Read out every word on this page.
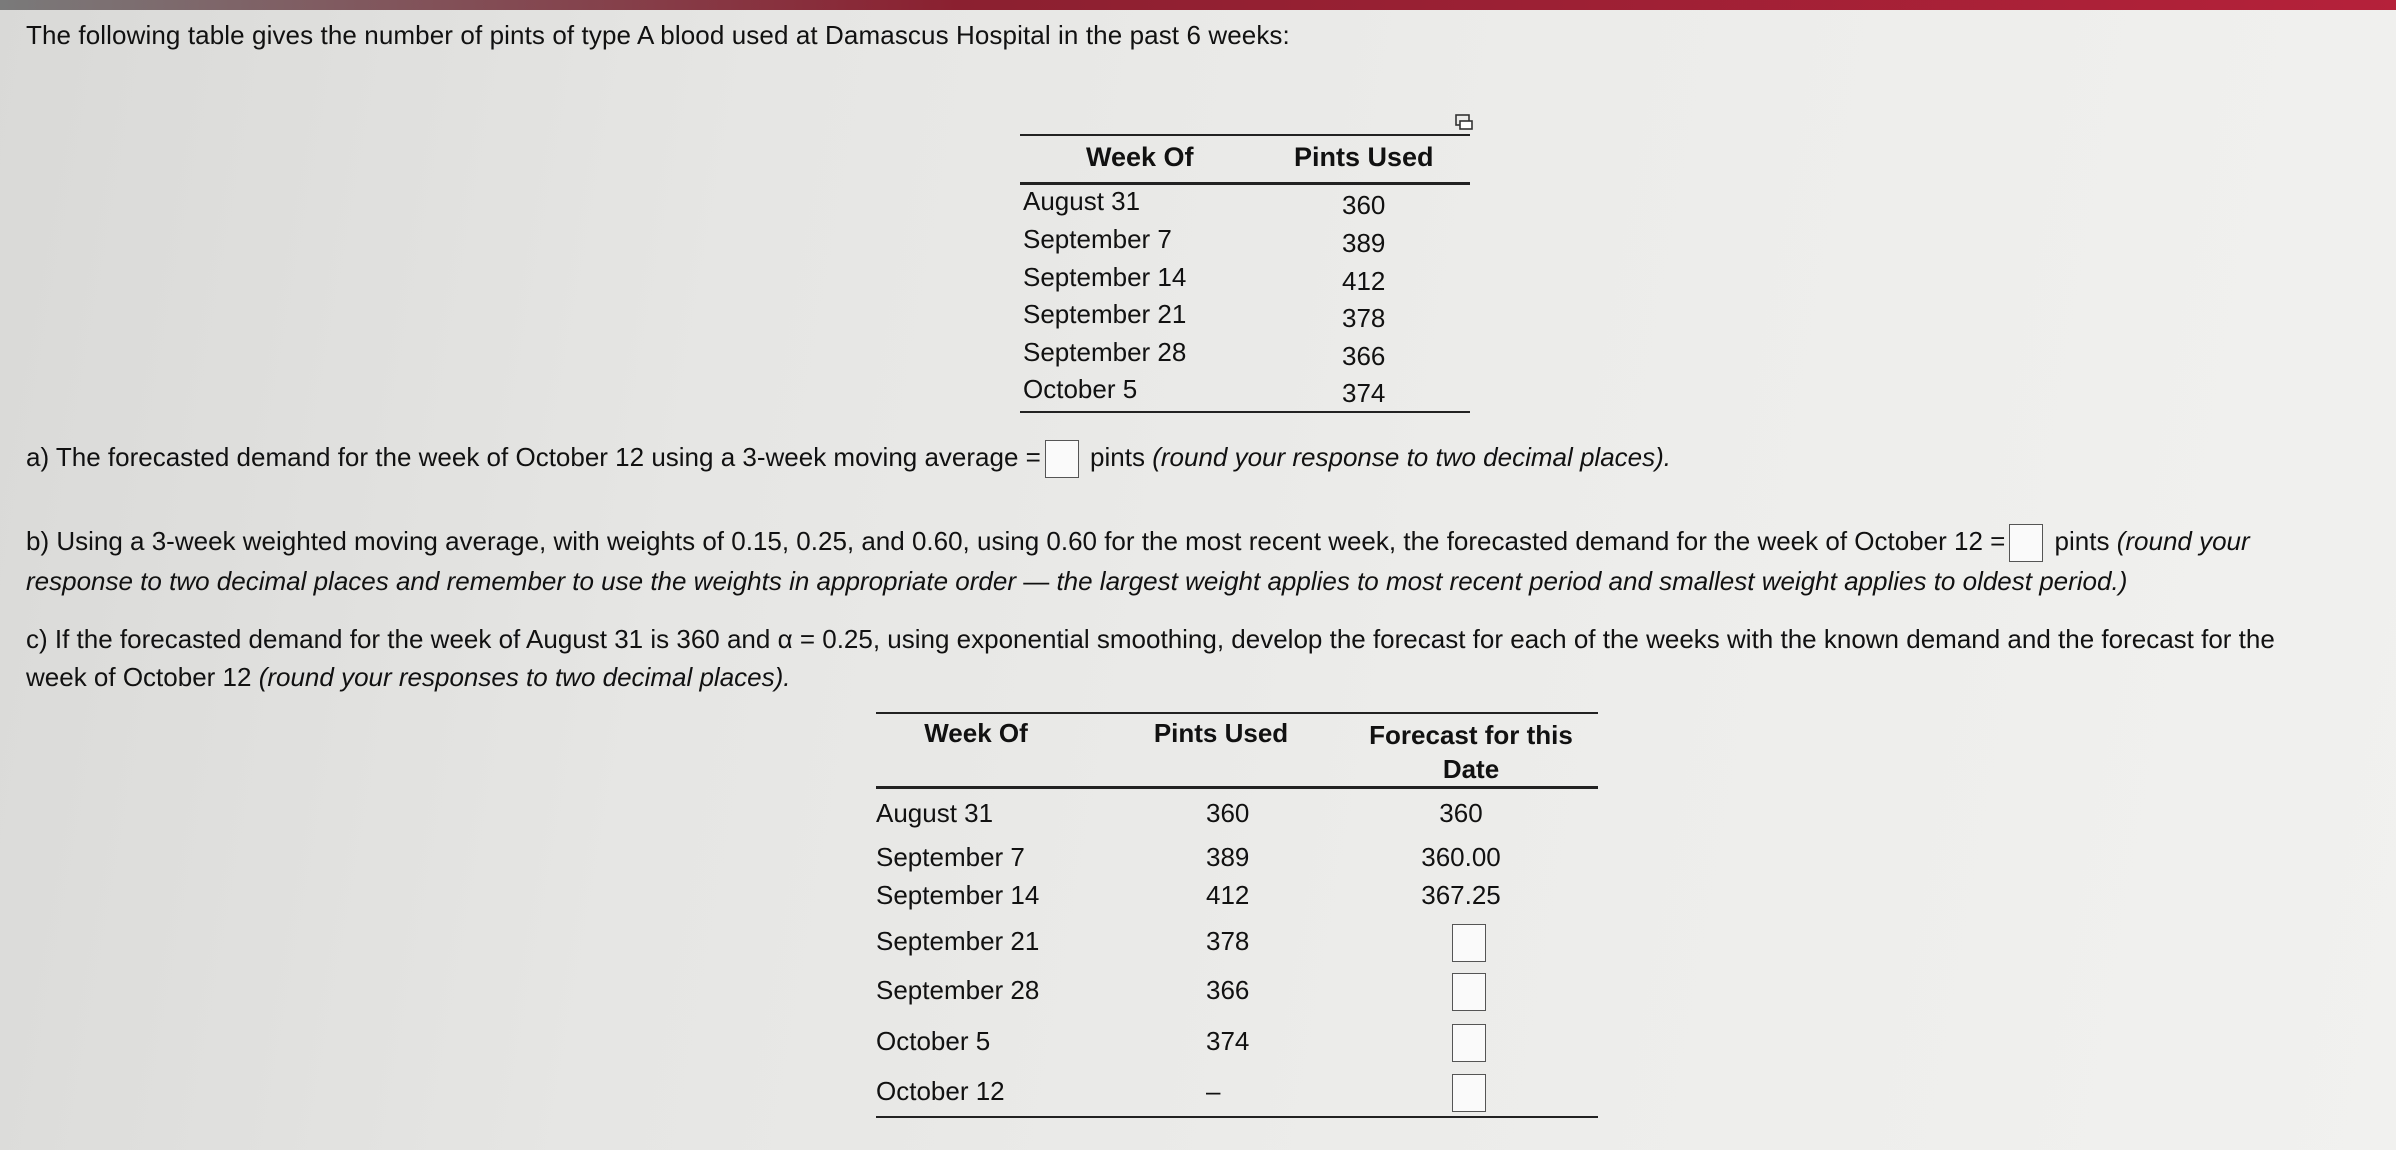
The following table gives the number of pints of type A blood used at Damascus Hospital in the past 6 weeks:
Week Of	Pints Used
August 31	360
September 7	389
September 14	412
September 21	378
September 28	366
October 5	374
a) The forecasted demand for the week of October 12 using a 3-week moving average = pints (round your response to two decimal places).
b) Using a 3-week weighted moving average, with weights of 0.15, 0.25, and 0.60, using 0.60 for the most recent week, the forecasted demand for the week of October 12 = pints (round your
response to two decimal places and remember to use the weights in appropriate order — the largest weight applies to most recent period and smallest weight applies to oldest period.)
c) If the forecasted demand for the week of August 31 is 360 and α = 0.25, using exponential smoothing, develop the forecast for each of the weeks with the known demand and the forecast for the
week of October 12 (round your responses to two decimal places).
Week Of	Pints Used	Forecast for this Date
August 31	360	360
September 7	389	360.00
September 14	412	367.25
September 21	378
September 28	366
October 5	374
October 12	–
